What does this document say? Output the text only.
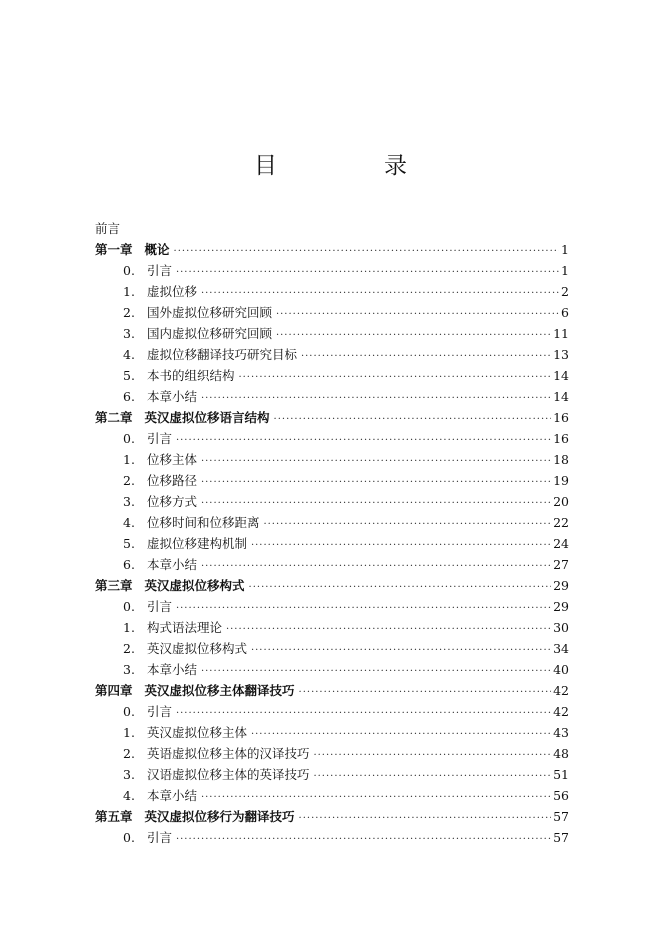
目　录
前言
第一章 概论 ·····	1
0. 引言 ·····	1
1. 虚拟位移 ·····	2
2. 国外虚拟位移研究回顾 ·····	6
3. 国内虚拟位移研究回顾 ·····	11
4. 虚拟位移翻译技巧研究目标 ·····	13
5. 本书的组织结构 ·····	14
6. 本章小结 ·····	14
第二章 英汉虚拟位移语言结构 ·····	16
0. 引言 ·····	16
1. 位移主体 ·····	18
2. 位移路径 ·····	19
3. 位移方式 ·····	20
4. 位移时间和位移距离 ·····	22
5. 虚拟位移建构机制 ·····	24
6. 本章小结 ·····	27
第三章 英汉虚拟位移构式 ·····	29
0. 引言 ·····	29
1. 构式语法理论 ·····	30
2. 英汉虚拟位移构式 ·····	34
3. 本章小结 ·····	40
第四章 英汉虚拟位移主体翻译技巧 ·····	42
0. 引言 ·····	42
1. 英汉虚拟位移主体 ·····	43
2. 英语虚拟位移主体的汉译技巧 ·····	48
3. 汉语虚拟位移主体的英译技巧 ·····	51
4. 本章小结 ·····	56
第五章 英汉虚拟位移行为翻译技巧 ·····	57
0. 引言 ·····	57
